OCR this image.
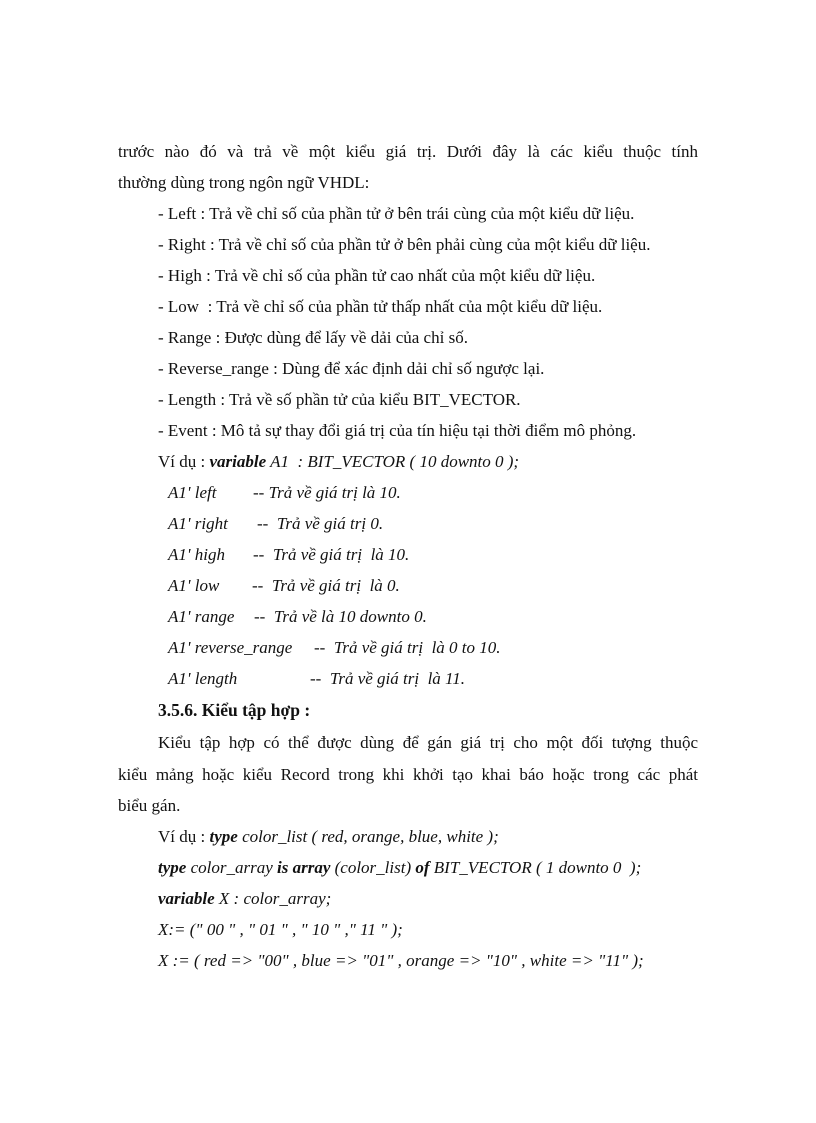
trước nào đó và trả về một kiểu giá trị. Dưới đây là các kiểu thuộc tính
thường dùng trong ngôn ngữ VHDL:
- Left : Trả về chỉ số của phần tử ở bên trái cùng của một kiểu dữ liệu.
- Right : Trả về chỉ số của phần tử ở bên phải cùng của một kiểu dữ liệu.
- High : Trả về chỉ số của phần tử cao nhất của một kiểu dữ liệu.
- Low  : Trả về chỉ số của phần tử thấp nhất của một kiểu dữ liệu.
- Range : Được dùng để lấy về dải của chỉ số.
- Reverse_range : Dùng để xác định dải chỉ số ngược lại.
- Length : Trả về số phần tử của kiểu BIT_VECTOR.
- Event : Mô tả sự thay đổi giá trị của tín hiệu tại thời điểm mô phỏng.
Ví dụ : variable A1  : BIT_VECTOR ( 10 downto 0 );
A1' left -- Trả về giá trị là 10.
A1' right --  Trả về giá trị 0.
A1' high --  Trả về giá trị  là 10.
A1' low --  Trả về giá trị  là 0.
A1' range --  Trả về là 10 downto 0.
A1' reverse_range --  Trả về giá trị  là 0 to 10.
A1' length	--  Trả về giá trị  là 11.
3.5.6. Kiểu tập hợp :
Kiểu tập hợp có thể được dùng để gán giá trị cho một đối tượng thuộc
kiểu mảng hoặc kiểu Record trong khi khởi tạo khai báo hoặc trong các phát
biểu gán.
Ví dụ : type color_list ( red, orange, blue, white );
type color_array is array (color_list) of BIT_VECTOR ( 1 downto 0  );
variable X : color_array;
X:= (" 00 " , " 01 " , " 10 " ," 11 " );
X := ( red => "00" , blue => "01" , orange => "10" , white => "11" );
